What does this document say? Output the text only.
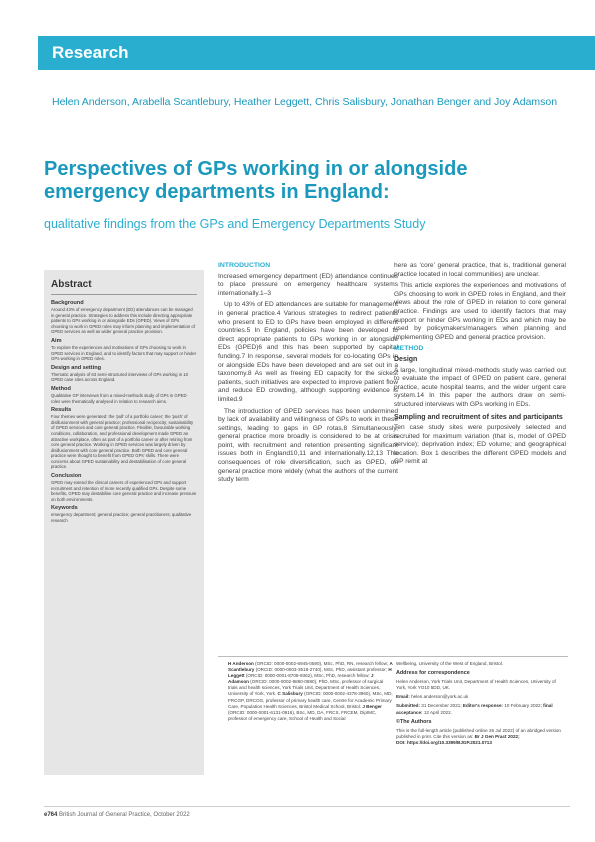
Research
Helen Anderson, Arabella Scantlebury, Heather Leggett, Chris Salisbury, Jonathan Benger and Joy Adamson
Perspectives of GPs working in or alongside emergency departments in England:
qualitative findings from the GPs and Emergency Departments Study
Abstract
Background
Around 43% of emergency department (ED) attendances can be managed in general practice. Strategies to address this include directing appropriate patients to GPs working in or alongside EDs (GPED). Views of GPs choosing to work in GPED roles may inform planning and implementation of GPED services as well as wider general practice provision.
Aim
To explore the experiences and motivations of GPs choosing to work in GPED services in England, and to identify factors that may support or hinder GPs working in GPED roles.
Design and setting
Thematic analysis of 63 semi-structured interviews of GPs working in 10 GPED case sites across England.
Method
Qualitative GP interviews from a mixed-methods study of GPs in GPED roles were thematically analysed in relation to research aims.
Results
Four themes were generated: the 'pull' of a portfolio career; the 'push' of disillusionment with general practice; professional reciprocity; sustainability of GPED services and core general practice. Flexible, favourable working conditions, collaboration, and professional development made GPED an attractive workplace, often as part of a portfolio career or after retiring from core general practice. Working in GPED services was largely driven by disillusionment with core general practice. Both GPED and core general practice were thought to benefit from GPED GPs' skills. There were concerns about GPED sustainability and destabilisation of core general practice.
Conclusion
GPED may extend the clinical careers of experienced GPs and support recruitment and retention of more recently qualified GPs. Despite some benefits, GPED may destabilise core general practice and increase pressure on both environments.
Keywords
emergency department; general practice; general practitioners; qualitative research
INTRODUCTION

Increased emergency department (ED) attendance continues to place pressure on emergency healthcare systems internationally.1–3

Up to 43% of ED attendances are suitable for management in general practice.4 Various strategies to redirect patients who present to ED to GPs have been employed in different countries.5 In England, policies have been developed to direct appropriate patients to GPs working in or alongside EDs (GPED)6 and this has been supported by capital funding.7 In response, several models for co-locating GPs in or alongside EDs have been developed and are set out in a taxonomy.8 As well as freeing ED capacity for the sickest patients, such initiatives are expected to improve patient flow and reduce ED crowding, although supporting evidence is limited.9

The introduction of GPED services has been undermined by lack of availability and willingness of GPs to work in these settings, leading to gaps in GP rotas.8 Simultaneously, general practice more broadly is considered to be at crisis point, with recruitment and retention presenting significant issues both in England10,11 and internationally.12,13 The consequences of role diversification, such as GPED, on general practice more widely (what the authors of the current study term

here as 'core' general practice, that is, traditional general practice located in local communities) are unclear.

This article explores the experiences and motivations of GPs choosing to work in GPED roles in England, and their views about the role of GPED in relation to core general practice. Findings are used to identify factors that may support or hinder GPs working in EDs and which may be used by policymakers/managers when planning and implementing GPED and general practice provision.

METHOD
Design

A large, longitudinal mixed-methods study was carried out to evaluate the impact of GPED on patient care, general practice, acute hospital teams, and the wider urgent care system.14 In this paper the authors draw on semi-structured interviews with GPs working in EDs.

Sampling and recruitment of sites and participants

Ten case study sites were purposively selected and recruited for maximum variation (that is, model of GPED service); deprivation index; ED volume; and geographical location. Box 1 describes the different GPED models and GP remit at

H Anderson (ORCID: 0000-0002-6945-0590), MSc, PhD, RN, research fellow; A Scantlebury (ORCID: 0000-0003-3518-2740), MSc, PhD, assistant professor; H Leggett (ORCID: 0000-0001-8708-9362), MSc, PhD, research fellow; J Adamson (ORCID: 0000-0002-9860-0880), PhD, MSc, professor of surgical trials and health sciences, York Trials Unit, Department of Health Sciences, University of York, York. C Salisbury (ORCID: 0000-0002-4378-3960), MSc, MD, FRCGP, DRCOG, professor of primary health care, Centre for Academic Primary Care, Population Health Sciences, Bristol Medical School, Bristol. J Benger (ORCID: 0000-0001-6131-0916), BSc, MD, DA, FRCS, FRCEM, DipIMC, professor of emergency care, School of Health and Social

Wellbeing, University of the West of England, Bristol.

Address for correspondence

Helen Anderson, York Trials Unit, Department of Health Sciences, University of York, York YO10 5DD, UK.

Email: helen.anderson@york.ac.uk

Submitted: 31 December 2021; Editor's response: 10 February 2022; final acceptance: 12 April 2022.

©The Authors

This is the full-length article (published online 26 Jul 2022) of an abridged version published in print. Cite this version as: Br J Gen Pract 2022;
DOI: https://doi.org/10.3399/BJGP.2021.0713

e764 British Journal of General Practice, October 2022
